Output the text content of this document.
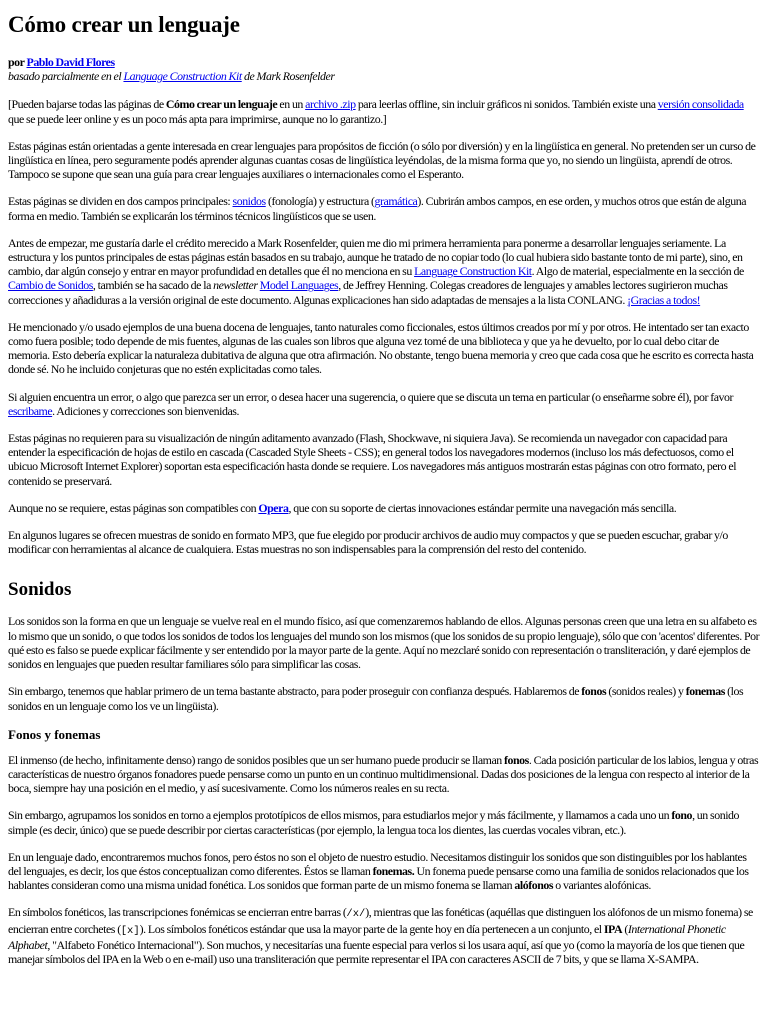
Cómo crear un lenguaje

por Pablo David Flores

basado parcialmente en el Language Construction Kit de Mark Rosenfelder

[Pueden bajarse todas las páginas de Cómo crear un lenguaje en un archivo .zip para leerlas offline, sin incluir gráficos ni sonidos. También existe una versión consolidada que se puede leer online y es un poco más apta para imprimirse, aunque no lo garantizo.]

Estas páginas están orientadas a gente interesada en crear lenguajes para propósitos de ficción (o sólo por diversión) y en la lingüística en general. No pretenden ser un curso de lingüística en línea, pero seguramente podés aprender algunas cuantas cosas de lingüística leyéndolas, de la misma forma que yo, no siendo un lingüista, aprendí de otros. Tampoco se supone que sean una guía para crear lenguajes auxiliares o internacionales como el Esperanto.

Estas páginas se dividen en dos campos principales: sonidos (fonología) y estructura (gramática). Cubrirán ambos campos, en ese orden, y muchos otros que están de alguna forma en medio. También se explicarán los términos técnicos lingüísticos que se usen.

Antes de empezar, me gustaría darle el crédito merecido a Mark Rosenfelder, quien me dio mi primera herramienta para ponerme a desarrollar lenguajes seriamente. La estructura y los puntos principales de estas páginas están basados en su trabajo, aunque he tratado de no copiar todo (lo cual hubiera sido bastante tonto de mi parte), sino, en cambio, dar algún consejo y entrar en mayor profundidad en detalles que él no menciona en su Language Construction Kit. Algo de material, especialmente en la sección de Cambio de Sonidos, también se ha sacado de la newsletter Model Languages, de Jeffrey Henning. Colegas creadores de lenguajes y amables lectores sugirieron muchas correcciones y añadiduras a la versión original de este documento. Algunas explicaciones han sido adaptadas de mensajes a la lista CONLANG. ¡Gracias a todos!

He mencionado y/o usado ejemplos de una buena docena de lenguajes, tanto naturales como ficcionales, estos últimos creados por mí y por otros. He intentado ser tan exacto como fuera posible; todo depende de mis fuentes, algunas de las cuales son libros que alguna vez tomé de una biblioteca y que ya he devuelto, por lo cual debo citar de memoria. Esto debería explicar la naturaleza dubitativa de alguna que otra afirmación. No obstante, tengo buena memoria y creo que cada cosa que he escrito es correcta hasta donde sé. No he incluido conjeturas que no estén explicitadas como tales.

Si alguien encuentra un error, o algo que parezca ser un error, o desea hacer una sugerencia, o quiere que se discuta un tema en particular (o enseñarme sobre él), por favor escribame. Adiciones y correcciones son bienvenidas.

Estas páginas no requieren para su visualización de ningún aditamento avanzado (Flash, Shockwave, ni siquiera Java). Se recomienda un navegador con capacidad para entender la especificación de hojas de estilo en cascada (Cascaded Style Sheets - CSS); en general todos los navegadores modernos (incluso los más defectuosos, como el ubicuo Microsoft Internet Explorer) soportan esta especificación hasta donde se requiere. Los navegadores más antiguos mostrarán estas páginas con otro formato, pero el contenido se preservará.

Aunque no se requiere, estas páginas son compatibles con Opera, que con su soporte de ciertas innovaciones estándar permite una navegación más sencilla.

En algunos lugares se ofrecen muestras de sonido en formato MP3, que fue elegido por producir archivos de audio muy compactos y que se pueden escuchar, grabar y/o modificar con herramientas al alcance de cualquiera. Estas muestras no son indispensables para la comprensión del resto del contenido.

Sonidos

Los sonidos son la forma en que un lenguaje se vuelve real en el mundo físico, así que comenzaremos hablando de ellos. Algunas personas creen que una letra en su alfabeto es lo mismo que un sonido, o que todos los sonidos de todos los lenguajes del mundo son los mismos (que los sonidos de su propio lenguaje), sólo que con 'acentos' diferentes. Por qué esto es falso se puede explicar fácilmente y ser entendido por la mayor parte de la gente. Aquí no mezclaré sonido con representación o transliteración, y daré ejemplos de sonidos en lenguajes que pueden resultar familiares sólo para simplificar las cosas.

Sin embargo, tenemos que hablar primero de un tema bastante abstracto, para poder proseguir con confianza después. Hablaremos de fonos (sonidos reales) y fonemas (los sonidos en un lenguaje como los ve un lingüista).

Fonos y fonemas

El inmenso (de hecho, infinitamente denso) rango de sonidos posibles que un ser humano puede producir se llaman fonos. Cada posición particular de los labios, lengua y otras características de nuestro órganos fonadores puede pensarse como un punto en un continuo multidimensional. Dadas dos posiciones de la lengua con respecto al interior de la boca, siempre hay una posición en el medio, y así sucesivamente. Como los números reales en su recta.

Sin embargo, agrupamos los sonidos en torno a ejemplos prototípicos de ellos mismos, para estudiarlos mejor y más fácilmente, y llamamos a cada uno un fono, un sonido simple (es decir, único) que se puede describir por ciertas características (por ejemplo, la lengua toca los dientes, las cuerdas vocales vibran, etc.).

En un lenguaje dado, encontraremos muchos fonos, pero éstos no son el objeto de nuestro estudio. Necesitamos distinguir los sonidos que son distinguibles por los hablantes del lenguajes, es decir, los que éstos conceptualizan como diferentes. Éstos se llaman fonemas. Un fonema puede pensarse como una familia de sonidos relacionados que los hablantes consideran como una misma unidad fonética. Los sonidos que forman parte de un mismo fonema se llaman alófonos o variantes alofónicas.

En símbolos fonéticos, las transcripciones fonémicas se encierran entre barras (/x/), mientras que las fonéticas (aquéllas que distinguen los alófonos de un mismo fonema) se encierran entre corchetes ([x]). Los símbolos fonéticos estándar que usa la mayor parte de la gente hoy en día pertenecen a un conjunto, el IPA (International Phonetic Alphabet, "Alfabeto Fonético Internacional"). Son muchos, y necesitarías una fuente especial para verlos si los usara aquí, así que yo (como la mayoría de los que tienen que manejar símbolos del IPA en la Web o en e-mail) uso una transliteración que permite representar el IPA con caracteres ASCII de 7 bits, y que se llama X-SAMPA.
